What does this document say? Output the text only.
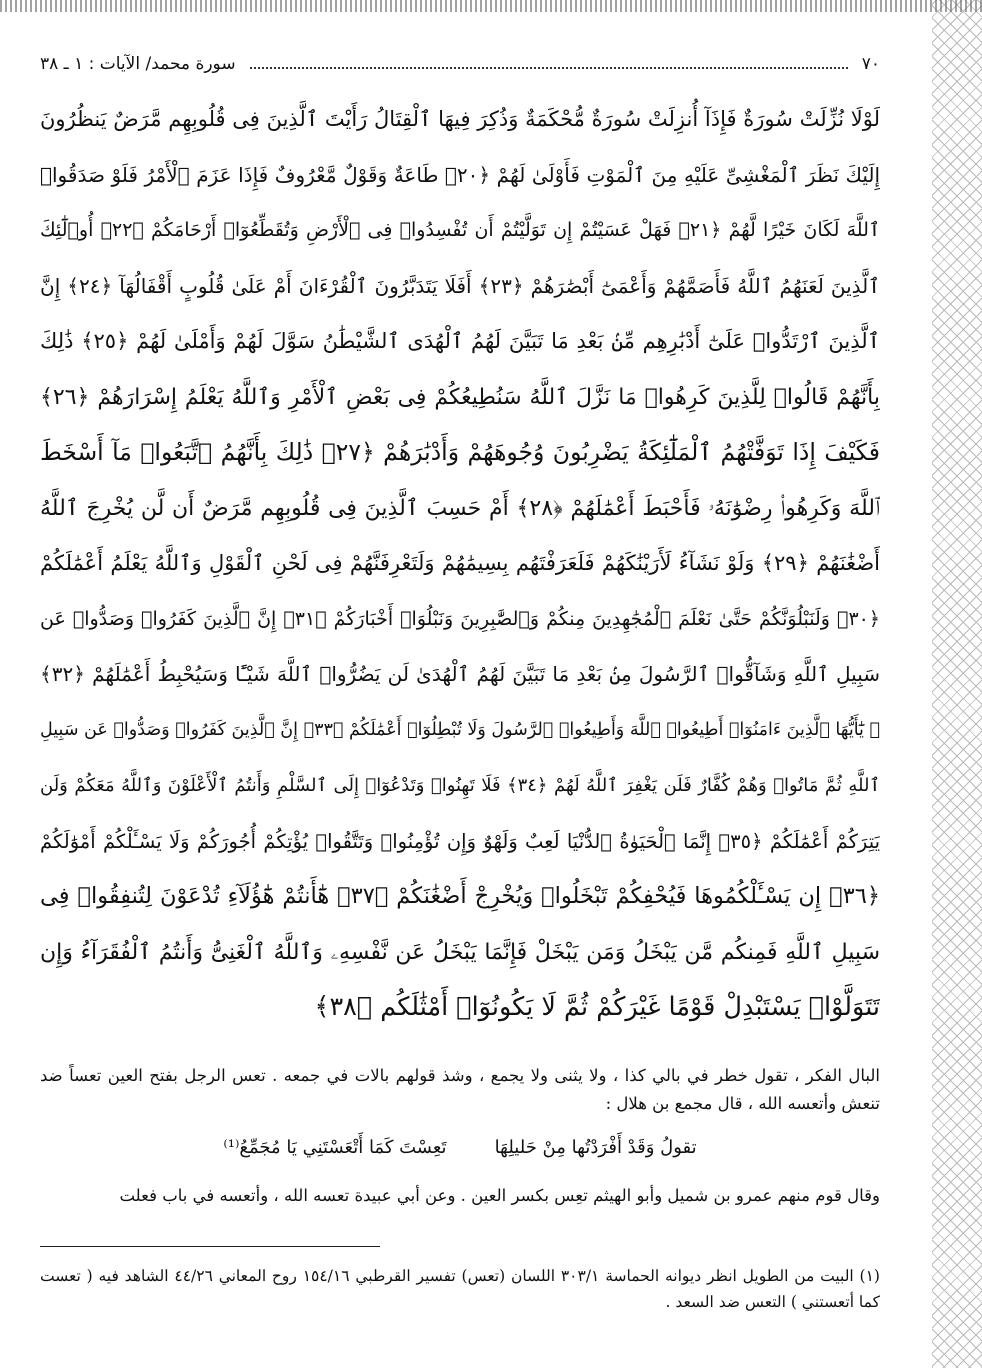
٧٠
سورة محمد/ الآيات : ١ ـ ٣٨
لَوْلَا نُزِّلَتْ سُورَةٌ فَإِذَآ أُنزِلَتْ سُورَةٌ مُّحْكَمَةٌ وَذُكِرَ فِيهَا ٱلْقِتَالُ رَأَيْتَ ٱلَّذِينَ فِى قُلُوبِهِم مَّرَضٌ يَنظُرُونَ
إِلَيْكَ نَظَرَ ٱلْمَغْشِىِّ عَلَيْهِ مِنَ ٱلْمَوْتِ فَأَوْلَىٰ لَهُمْ ﴿٢٠﴾ طَاعَةٌ وَقَوْلٌ مَّعْرُوفٌ فَإِذَا عَزَمَ ٱلْأَمْرُ فَلَوْ صَدَقُوا۟
ٱللَّهَ لَكَانَ خَيْرًا لَّهُمْ ﴿٢١﴾ فَهَلْ عَسَيْتُمْ إِن تَوَلَّيْتُمْ أَن تُفْسِدُوا۟ فِى ٱلْأَرْضِ وَتُقَطِّعُوٓا۟ أَرْحَامَكُمْ ﴿٢٢﴾ أُو۟لَٰٓئِكَ
ٱلَّذِينَ لَعَنَهُمُ ٱللَّهُ فَأَصَمَّهُمْ وَأَعْمَىٰٓ أَبْصَٰرَهُمْ ﴿٢٣﴾ أَفَلَا يَتَدَبَّرُونَ ٱلْقُرْءَانَ أَمْ عَلَىٰ قُلُوبٍ أَقْفَالُهَآ ﴿٢٤﴾ إِنَّ
ٱلَّذِينَ ٱرْتَدُّوا۟ عَلَىٰٓ أَدْبَٰرِهِم مِّنۢ بَعْدِ مَا تَبَيَّنَ لَهُمُ ٱلْهُدَى ٱلشَّيْطَٰنُ سَوَّلَ لَهُمْ وَأَمْلَىٰ لَهُمْ ﴿٢٥﴾ ذَٰلِكَ
بِأَنَّهُمْ قَالُوا۟ لِلَّذِينَ كَرِهُوا۟ مَا نَزَّلَ ٱللَّهُ سَنُطِيعُكُمْ فِى بَعْضِ ٱلْأَمْرِ وَٱللَّهُ يَعْلَمُ إِسْرَارَهُمْ ﴿٢٦﴾
فَكَيْفَ إِذَا تَوَفَّتْهُمُ ٱلْمَلَٰٓئِكَةُ يَضْرِبُونَ وُجُوهَهُمْ وَأَدْبَٰرَهُمْ ﴿٢٧﴾ ذَٰلِكَ بِأَنَّهُمُ ٱتَّبَعُوا۟ مَآ أَسْخَطَ
ٱللَّهَ وَكَرِهُوا۟ رِضْوَٰنَهُۥ فَأَحْبَطَ أَعْمَٰلَهُمْ ﴿٢٨﴾ أَمْ حَسِبَ ٱلَّذِينَ فِى قُلُوبِهِم مَّرَضٌ أَن لَّن يُخْرِجَ ٱللَّهُ
أَضْغَٰنَهُمْ ﴿٢٩﴾ وَلَوْ نَشَآءُ لَأَرَيْنَٰكَهُمْ فَلَعَرَفْتَهُم بِسِيمَٰهُمْ وَلَتَعْرِفَنَّهُمْ فِى لَحْنِ ٱلْقَوْلِ وَٱللَّهُ يَعْلَمُ أَعْمَٰلَكُمْ
﴿٣٠﴾ وَلَنَبْلُوَنَّكُمْ حَتَّىٰ نَعْلَمَ ٱلْمُجَٰهِدِينَ مِنكُمْ وَٱلصَّٰبِرِينَ وَنَبْلُوَا۟ أَخْبَارَكُمْ ﴿٣١﴾ إِنَّ ٱلَّذِينَ كَفَرُوا۟ وَصَدُّوا۟ عَن
سَبِيلِ ٱللَّهِ وَشَآقُّوا۟ ٱلرَّسُولَ مِنۢ بَعْدِ مَا تَبَيَّنَ لَهُمُ ٱلْهُدَىٰ لَن يَضُرُّوا۟ ٱللَّهَ شَيْـًٔا وَسَيُحْبِطُ أَعْمَٰلَهُمْ ﴿٣٢﴾
۞ يَٰٓأَيُّهَا ٱلَّذِينَ ءَامَنُوٓا۟ أَطِيعُوا۟ ٱللَّهَ وَأَطِيعُوا۟ ٱلرَّسُولَ وَلَا تُبْطِلُوٓا۟ أَعْمَٰلَكُمْ ﴿٣٣﴾ إِنَّ ٱلَّذِينَ كَفَرُوا۟ وَصَدُّوا۟ عَن سَبِيلِ
ٱللَّهِ ثُمَّ مَاتُوا۟ وَهُمْ كُفَّارٌ فَلَن يَغْفِرَ ٱللَّهُ لَهُمْ ﴿٣٤﴾ فَلَا تَهِنُوا۟ وَتَدْعُوٓا۟ إِلَى ٱلسَّلْمِ وَأَنتُمُ ٱلْأَعْلَوْنَ وَٱللَّهُ مَعَكُمْ وَلَن
يَتِرَكُمْ أَعْمَٰلَكُمْ ﴿٣٥﴾ إِنَّمَا ٱلْحَيَوٰةُ ٱلدُّنْيَا لَعِبٌ وَلَهْوٌ وَإِن تُؤْمِنُوا۟ وَتَتَّقُوا۟ يُؤْتِكُمْ أُجُورَكُمْ وَلَا يَسْـَٔلْكُمْ أَمْوَٰلَكُمْ
﴿٣٦﴾ إِن يَسْـَٔلْكُمُوهَا فَيُحْفِكُمْ تَبْخَلُوا۟ وَيُخْرِجْ أَضْغَٰنَكُمْ ﴿٣٧﴾ هَٰٓأَنتُمْ هَٰٓؤُلَآءِ تُدْعَوْنَ لِتُنفِقُوا۟ فِى
سَبِيلِ ٱللَّهِ فَمِنكُم مَّن يَبْخَلُ وَمَن يَبْخَلْ فَإِنَّمَا يَبْخَلُ عَن نَّفْسِهِۦ وَٱللَّهُ ٱلْغَنِىُّ وَأَنتُمُ ٱلْفُقَرَآءُ وَإِن
تَتَوَلَّوْا۟ يَسْتَبْدِلْ قَوْمًا غَيْرَكُمْ ثُمَّ لَا يَكُونُوٓا۟ أَمْثَٰلَكُم ﴿٣٨﴾
البال الفكر ، تقول خطر في بالي كذا ، ولا يثنى ولا يجمع ، وشذ قولهم بالات في جمعه . تعس الرجل بفتح العين تعساً ضد تنعش وأتعسه الله ، قال مجمع بن هلال :
تقولُ وَقَدْ أَفْرَدْتُها مِنْ حَليلِهَا
تَعِسْتَ كَمَا أَتْعَسْتَنِي يَا مُجَمِّعُ⁽¹⁾
وقال قوم منهم عمرو بن شميل وأبو الهيثم تعِس بكسر العين . وعن أبي عبيدة تعسه الله ، وأتعسه في باب فعلت
(١) البيت من الطويل انظر ديوانه الحماسة ٣٠٣/١ اللسان (تعس) تفسير القرطبي ١٥٤/١٦ روح المعاني ٤٤/٢٦ الشاهد فيه ( تعست كما أتعستني ) التعس ضد السعد .
